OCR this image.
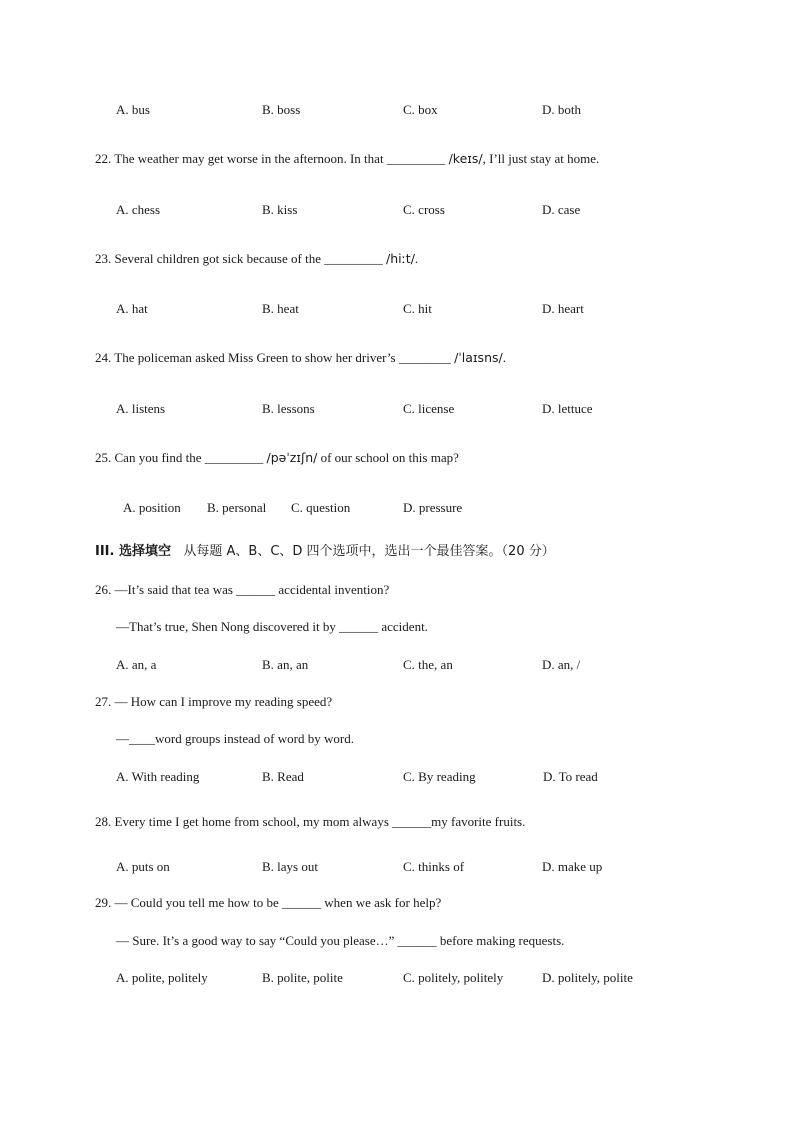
A. bus	B. boss	C. box	D. both
22. The weather may get worse in the afternoon. In that _________ /keɪs/, I’ll just stay at home.
A. chess	B. kiss	C. cross	D. case
23. Several children got sick because of the _________ /hiːt/.
A. hat	B. heat	C. hit	D. heart
24. The policeman asked Miss Green to show her driver’s ________ /ˈlaɪsns/.
A. listens	B. lessons	C. license	D. lettuce
25. Can you find the _________ /pəˈzɪʃn/ of our school on this map?
A. position B. personal C. question	D. pressure
III. 选择填空 从每题 A、B、C、D 四个选项中，选出一个最佳答案。（20 分）
26. —It’s said that tea was ______ accidental invention?
—That’s true, Shen Nong discovered it by ______ accident.
A. an, a	B. an, an	C. the, an	D. an, /
27. — How can I improve my reading speed?
—____word groups instead of word by word.
A. With reading	B. Read	C. By reading	D. To read
28. Every time I get home from school, my mom always ______my favorite fruits.
A. puts on	B. lays out	C. thinks of	D. make up
29. — Could you tell me how to be ______ when we ask for help?
— Sure. It’s a good way to say “Could you please…” ______ before making requests.
A. polite, politely	B. polite, polite	C. politely, politely	D. politely, polite
